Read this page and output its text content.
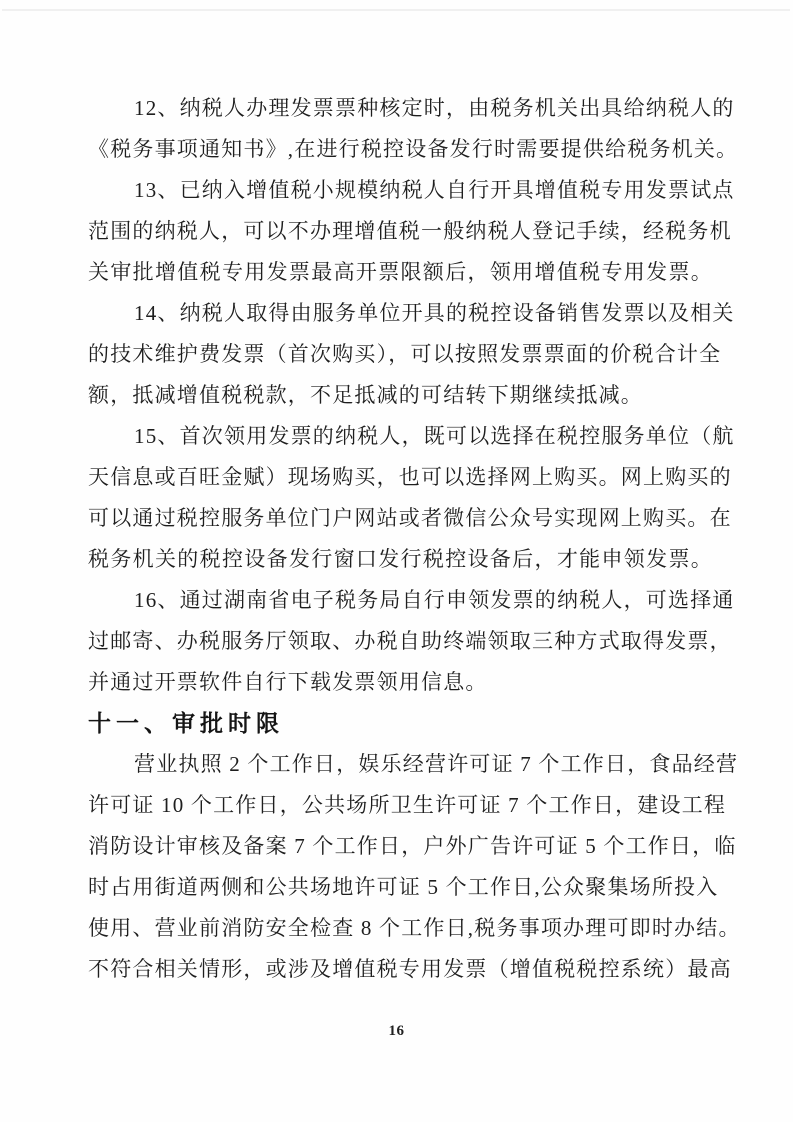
12、纳税人办理发票票种核定时，由税务机关出具给纳税人的
《税务事项通知书》,在进行税控设备发行时需要提供给税务机关。
13、已纳入增值税小规模纳税人自行开具增值税专用发票试点
范围的纳税人，可以不办理增值税一般纳税人登记手续，经税务机
关审批增值税专用发票最高开票限额后，领用增值税专用发票。
14、纳税人取得由服务单位开具的税控设备销售发票以及相关
的技术维护费发票（首次购买），可以按照发票票面的价税合计全
额，抵减增值税税款，不足抵减的可结转下期继续抵减。
15、首次领用发票的纳税人，既可以选择在税控服务单位（航
天信息或百旺金赋）现场购买，也可以选择网上购买。网上购买的
可以通过税控服务单位门户网站或者微信公众号实现网上购买。在
税务机关的税控设备发行窗口发行税控设备后，才能申领发票。
16、通过湖南省电子税务局自行申领发票的纳税人，可选择通
过邮寄、办税服务厅领取、办税自助终端领取三种方式取得发票，
并通过开票软件自行下载发票领用信息。
十一、审批时限
营业执照 2 个工作日，娱乐经营许可证 7 个工作日，食品经营
许可证 10 个工作日，公共场所卫生许可证 7 个工作日，建设工程
消防设计审核及备案 7 个工作日，户外广告许可证 5 个工作日，临
时占用街道两侧和公共场地许可证 5 个工作日,公众聚集场所投入
使用、营业前消防安全检查 8 个工作日,税务事项办理可即时办结。
不符合相关情形，或涉及增值税专用发票（增值税税控系统）最高
16
